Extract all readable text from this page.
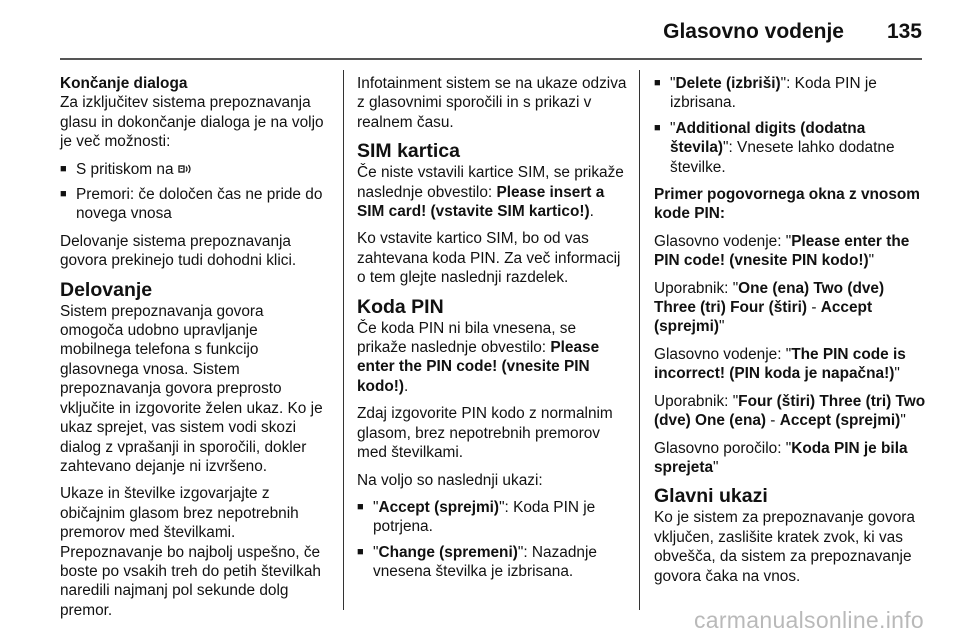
Glasovno vodenje 135
Končanje dialoga

Za izključitev sistema prepoznavanja glasu in dokončanje dialoga je na voljo je več možnosti:

■ S pritiskom na
■ Premori: če določen čas ne pride do novega vnosa

Delovanje sistema prepoznavanja govora prekinejo tudi dohodni klici.

Delovanje

Sistem prepoznavanja govora omogoča udobno upravljanje mobilnega telefona s funkcijo glasovnega vnosa. Sistem prepoznavanja govora preprosto vključite in izgovorite želen ukaz. Ko je ukaz sprejet, vas sistem vodi skozi dialog z vprašanji in sporočili, dokler zahtevano dejanje ni izvršeno.

Ukaze in številke izgovarjajte z običajnim glasom brez nepotrebnih premorov med številkami. Prepoznavanje bo najbolj uspešno, če boste po vsakih treh do petih številkah naredili najmanj pol sekunde dolg premor.

Infotainment sistem se na ukaze odziva z glasovnimi sporočili in s prikazi v realnem času.

SIM kartica

Če niste vstavili kartice SIM, se prikaže naslednje obvestilo: Please insert a SIM card! (vstavite SIM kartico!).

Ko vstavite kartico SIM, bo od vas zahtevana koda PIN. Za več informacij o tem glejte naslednji razdelek.

Koda PIN

Če koda PIN ni bila vnesena, se prikaže naslednje obvestilo: Please enter the PIN code! (vnesite PIN kodo!).

Zdaj izgovorite PIN kodo z normalnim glasom, brez nepotrebnih premorov med številkami.

Na voljo so naslednji ukazi:

■ "Accept (sprejmi)": Koda PIN je potrjena.
■ "Change (spremeni)": Nazadnje vnesena številka je izbrisana.
■ "Delete (izbriši)": Koda PIN je izbrisana.
■ "Additional digits (dodatna števila)": Vnesete lahko dodatne številke.
Primer pogovornega okna z vnosom kode PIN:

Glasovno vodenje: "Please enter the PIN code! (vnesite PIN kodo!)"

Uporabnik: "One (ena) Two (dve) Three (tri) Four (štiri) - Accept (sprejmi)"

Glasovno vodenje: "The PIN code is incorrect! (PIN koda je napačna!)"

Uporabnik: "Four (štiri) Three (tri) Two (dve) One (ena) - Accept (sprejmi)"

Glasovno poročilo: "Koda PIN je bila sprejeta"

Glavni ukazi

Ko je sistem za prepoznavanje govora vključen, zaslišite kratek zvok, ki vas obvešča, da sistem za prepoznavanje govora čaka na vnos.

carmanualsonline.info
